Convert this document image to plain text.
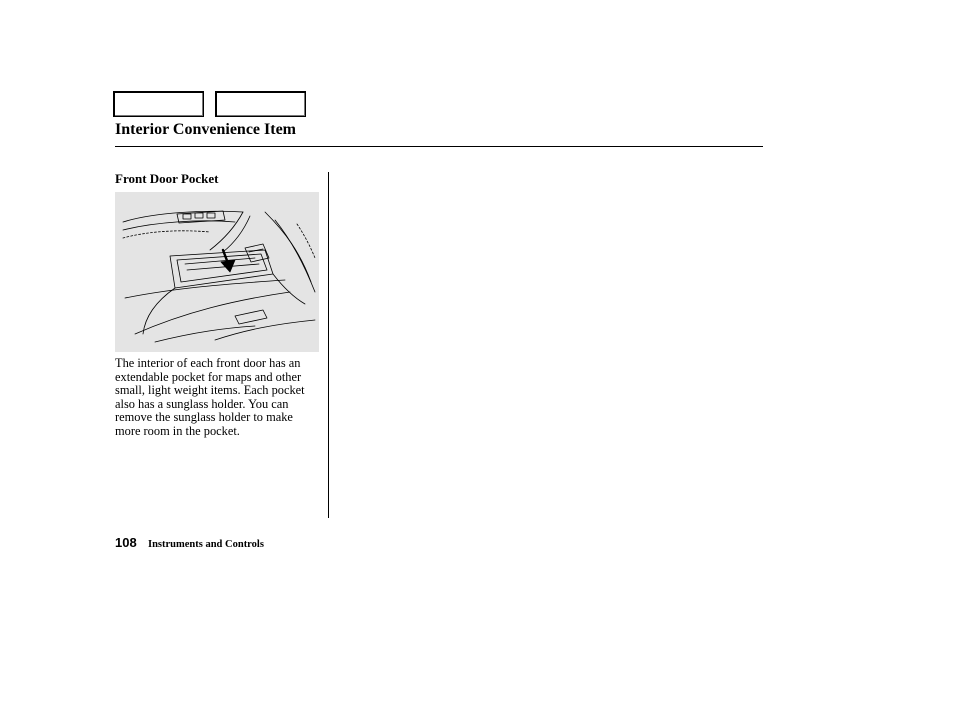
Interior Convenience Item
Front Door Pocket

The interior of each front door has an extendable pocket for maps and other small, light weight items. Each pocket also has a sunglass holder. You can remove the sunglass holder to make more room in the pocket.

108 Instruments and Controls
